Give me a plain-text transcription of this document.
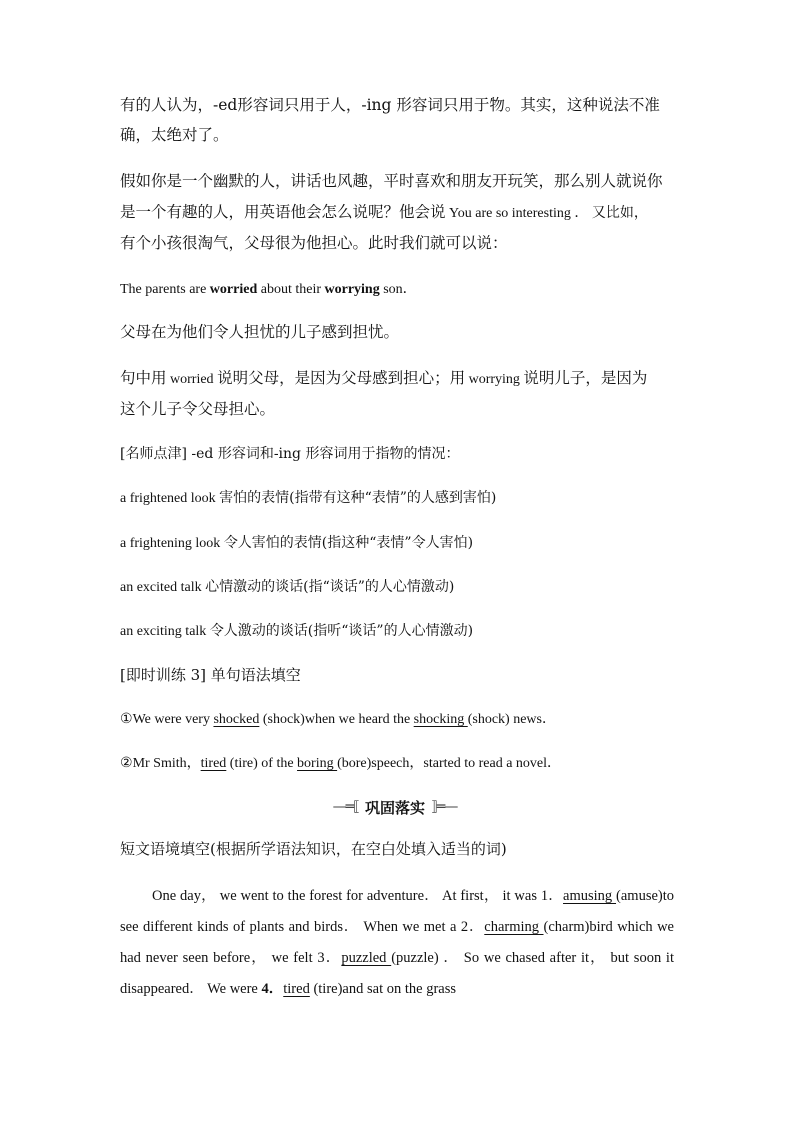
有的人认为，-ed形容词只用于人，-ing 形容词只用于物。其实，这种说法不准
确，太绝对了。
假如你是一个幽默的人，讲话也风趣，平时喜欢和朋友开玩笑，那么别人就说你
是一个有趣的人，用英语他会怎么说呢？他会说 You are so interesting ． 又比如，
有个小孩很淘气，父母很为他担心。此时我们就可以说：
The parents are worried about their worrying son．
父母在为他们令人担忧的儿子感到担忧。
句中用 worried 说明父母，是因为父母感到担心；用 worrying 说明儿子，是因为
这个儿子令父母担心。
[名师点津] -ed 形容词和-ing 形容词用于指物的情况：
a frightened look 害怕的表情(指带有这种“表情”的人感到害怕)
a frightening look 令人害怕的表情(指这种“表情”令人害怕)
an excited talk 心情激动的谈话(指“谈话”的人心情激动)
an exciting talk 令人激动的谈话(指听“谈话”的人心情激动)
[即时训练 3] 单句语法填空
①We were very shocked (shock)when we heard the shocking (shock) news．
②Mr Smith，tired (tire) of the boring (bore)speech，started to read a novel．
—═⟦ 巩固落实 ⟧═—
短文语境填空(根据所学语法知识，在空白处填入适当的词)
One day， we went to the forest for adventure． At first， it was 1．amusing (amuse)to see different kinds of plants and birds． When we met a 2．charming (charm)bird which we had never seen before， we felt 3．puzzled (puzzle) ． So we chased after it， but soon it disappeared． We were 4．tired (tire)and sat on the grass
